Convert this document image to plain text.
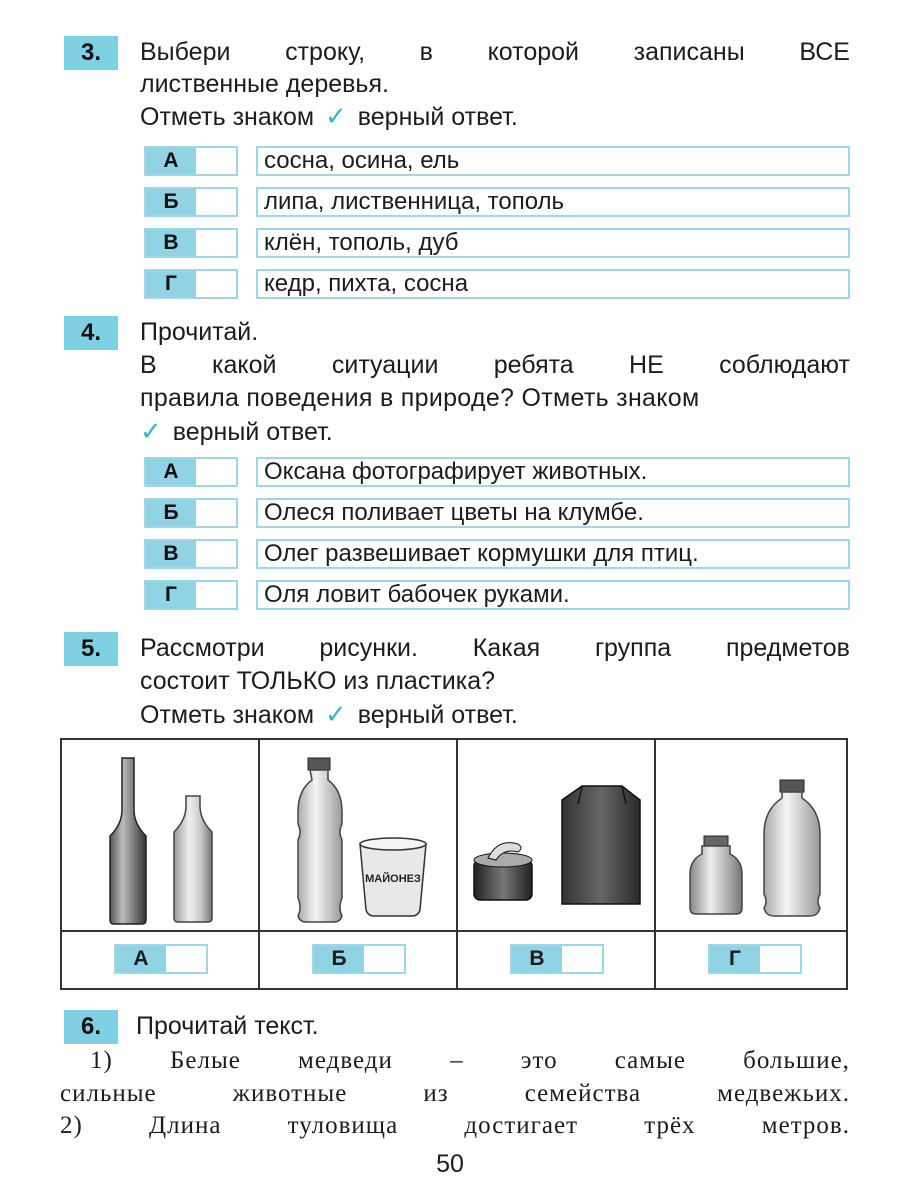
3.	Выбери строку, в которой записаны ВСЕ
лиственные деревья.
Отметь знаком ✓ верный ответ.
А	сосна, осина, ель
Б	липа, лиственница, тополь
В	клён, тополь, дуб
Г	кедр, пихта, сосна
4.	Прочитай.
В какой ситуации ребята НЕ соблюдают
правила поведения в природе? Отметь знаком
✓ верный ответ.
А	Оксана фотографирует животных.
Б	Олеся поливает цветы на клумбе.
В	Олег развешивает кормушки для птиц.
Г	Оля ловит бабочек руками.
5.	Рассмотри рисунки. Какая группа предметов
состоит ТОЛЬКО из пластика?
Отметь знаком ✓ верный ответ.
МАЙОНЕЗ
А	Б	В	Г
6.	Прочитай текст.
1) Белые медведи – это самые большие,
сильные	животные	из	семейства	медвежьих.
2)	Длина	туловища	достигает	трёх	метров.
50
